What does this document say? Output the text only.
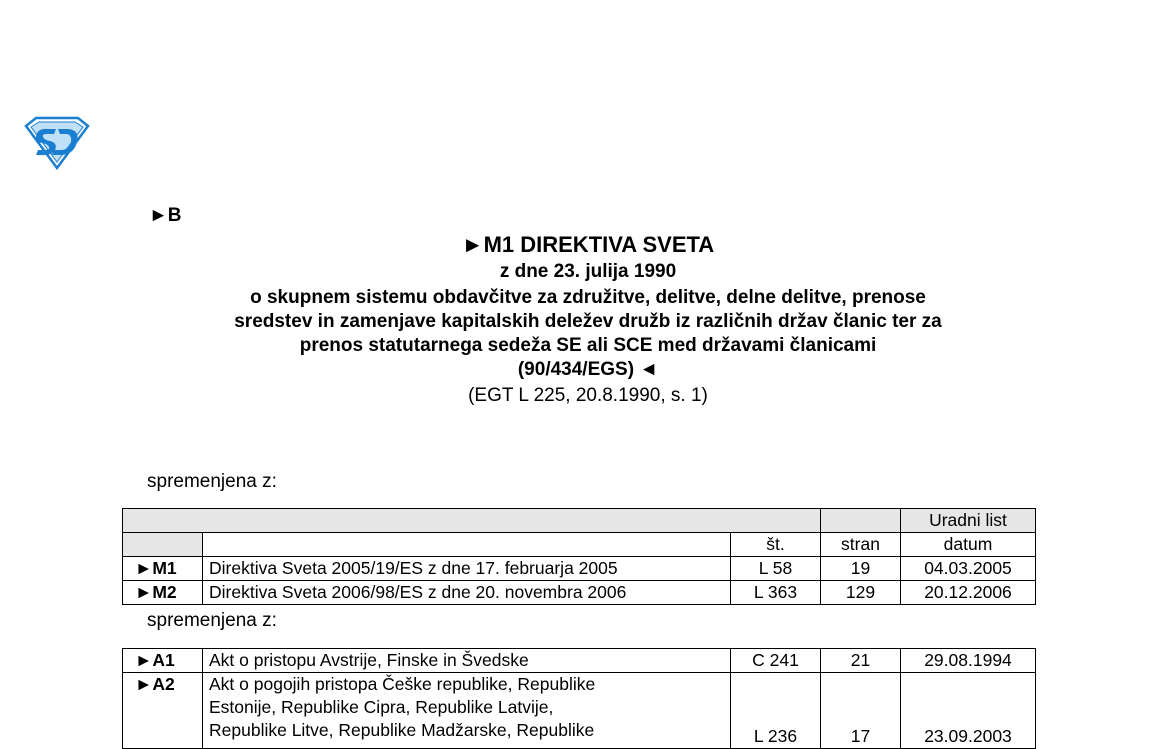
►B
►M1 DIREKTIVA SVETA
z dne 23. julija 1990
o skupnem sistemu obdavčitve za združitve, delitve, delne delitve, prenose
sredstev in zamenjave kapitalskih deležev družb iz različnih držav članic ter za
prenos statutarnega sedeža SE ali SCE med državami članicami
(90/434/EGS) ◄
(EGT L 225, 20.8.1990, s. 1)
spremenjena z:
				Uradni list
		št.	stran	datum
►M1	Direktiva Sveta 2005/19/ES z dne 17. februarja 2005	L 58	19	04.03.2005
►M2	Direktiva Sveta 2006/98/ES z dne 20. novembra 2006	L 363	129	20.12.2006
spremenjena z:
►A1	Akt o pristopu Avstrije, Finske in Švedske	C 241	21	29.08.1994
►A2	Akt o pogojih pristopa Češke republike, Republike
Estonije, Republike Cipra, Republike Latvije,
Republike Litve, Republike Madžarske, Republike	L 236	17	23.09.2003
